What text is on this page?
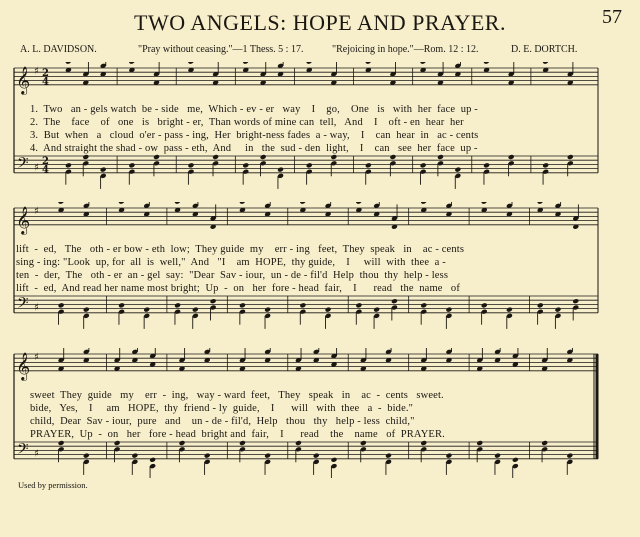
TWO ANGELS: HOPE AND PRAYER.	57
A. L. DAVIDSON.	"Pray without ceasing."—1 Thess. 5 : 17.	"Rejoicing in hope."—Rom. 12 : 12.	D. E. DORTCH.
𝄞
𝄢
♯
♯
2
2
4
4
1.  Two   an - gels watch  be - side   me,  Which - ev - er   way    I    go,    One   is   with  her  face  up -
2.  The    face    of   one   is   bright - er,  Than words of mine can  tell,   And    I    oft - en  hear  her
3.  But  when   a   cloud  o'er - pass - ing,  Her  bright-ness fades  a - way,    I    can  hear  in   ac - cents
4.  And straight the shad - ow  pass - eth,  And     in   the  sud - den  light,    I    can   see  her  face  up -
𝄞
𝄢
♯
♯
lift  -  ed,   The   oth - er bow - eth  low;  They guide  my    err - ing   feet,  They  speak   in    ac - cents
sing - ing: "Look  up, for  all  is  well,"  And   "I    am  HOPE,  thy guide,    I     will  with  thee  a -
ten  -  der,  The   oth - er  an - gel  say:  "Dear  Sav - iour,  un - de - fil'd  Help  thou  thy  help - less
lift  -  ed,  And read her name most bright;  Up  -  on   her  fore - head  fair,    I      read   the  name   of
𝄞
𝄢
♯
♯
sweet  They  guide   my    err  -  ing,   way - ward  feet,   They   speak   in    ac  -  cents   sweet.
bide,   Yes,    I     am   HOPE,  thy  friend - ly  guide,    I      will   with  thee   a  -  bide."
child,  Dear  Sav - iour,  pure   and    un - de - fil'd,  Help   thou   thy   help - less  child,"
PRAYER,  Up  -  on   her   fore - head  bright and  fair,    I      read    the    name   of  PRAYER.
Used by permission.
